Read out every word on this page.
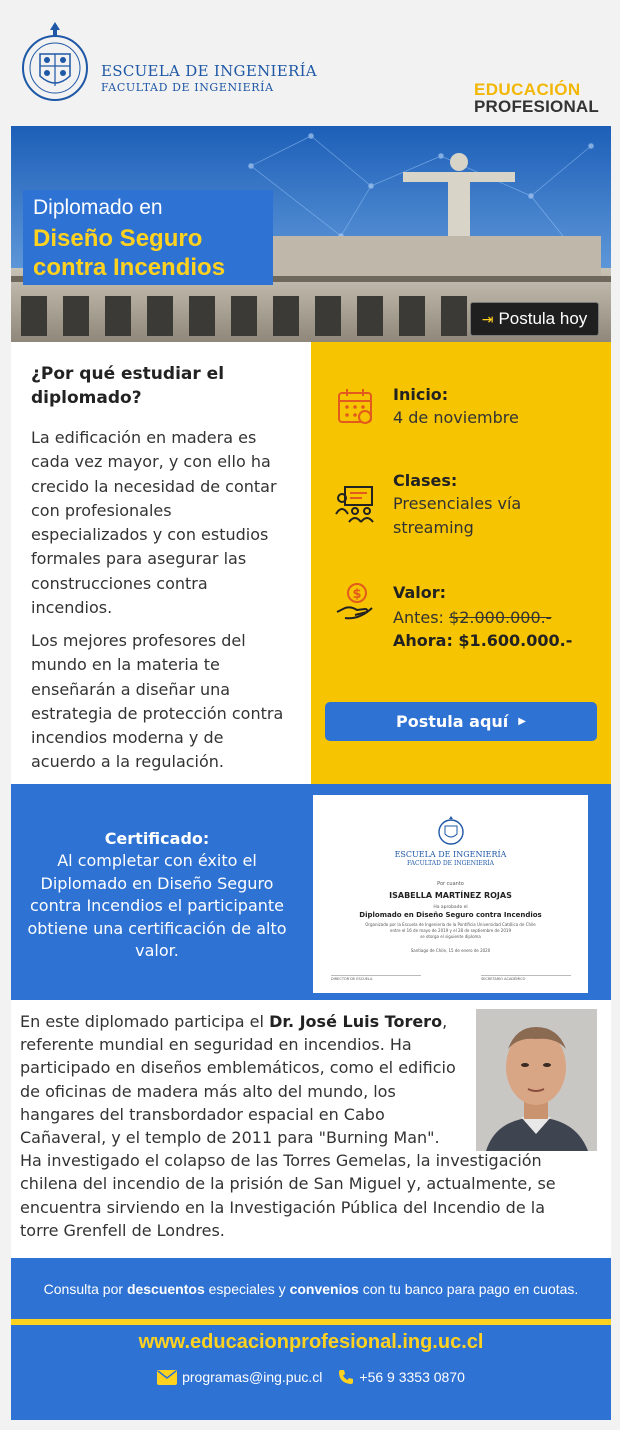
ESCUELA DE INGENIERÍA
FACULTAD DE INGENIERÍA	EDUCACIÓN
PROFESIONAL
Diplomado en
Diseño Seguro
contra Incendios
⇥ Postula hoy
¿Por qué estudiar el diplomado?
La edificación en madera es cada vez mayor, y con ello ha crecido la necesidad de contar con profesionales especializados y con estudios formales para asegurar las construcciones contra incendios.
Los mejores profesores del mundo en la materia te enseñarán a diseñar una estrategia de protección contra incendios moderna y de acuerdo a la regulación.
Inicio:
4 de noviembre
Clases:
Presenciales vía streaming
$ Valor:
Antes: $2.000.000.-
Ahora: $1.600.000.-
Postula aquí ▶
Certificado:
Al completar con éxito el Diplomado en Diseño Seguro contra Incendios el participante obtiene una certificación de alto valor.
ESCUELA DE INGENIERÍA
FACULTAD DE INGENIERÍA
Por cuanto
ISABELLA MARTÍNEZ ROJAS
Ha aprobado el
Diplomado en Diseño Seguro contra Incendios
Organizado por la Escuela de Ingeniería de la Pontificia Universidad Católica de Chile
entre el 16 de mayo de 2019 y el 28 de septiembre de 2019
se otorga el siguiente diploma
Santiago de Chile, 15 de enero de 2020
DIRECTOR DE ESCUELA	SECRETARIO ACADÉMICO
En este diplomado participa el Dr. José Luis Torero,
referente mundial en seguridad en incendios. Ha
participado en diseños emblemáticos, como el edificio
de oficinas de madera más alto del mundo, los
hangares del transbordador espacial en Cabo
Cañaveral, y el templo de 2011 para "Burning Man".
Ha investigado el colapso de las Torres Gemelas, la investigación
chilena del incendio de la prisión de San Miguel y, actualmente, se
encuentra sirviendo en la Investigación Pública del Incendio de la
torre Grenfell de Londres.
Consulta por descuentos especiales y convenios con tu banco para pago en cuotas.
www.educacionprofesional.ing.uc.cl
programas@ing.puc.cl	+56 9 3353 0870
